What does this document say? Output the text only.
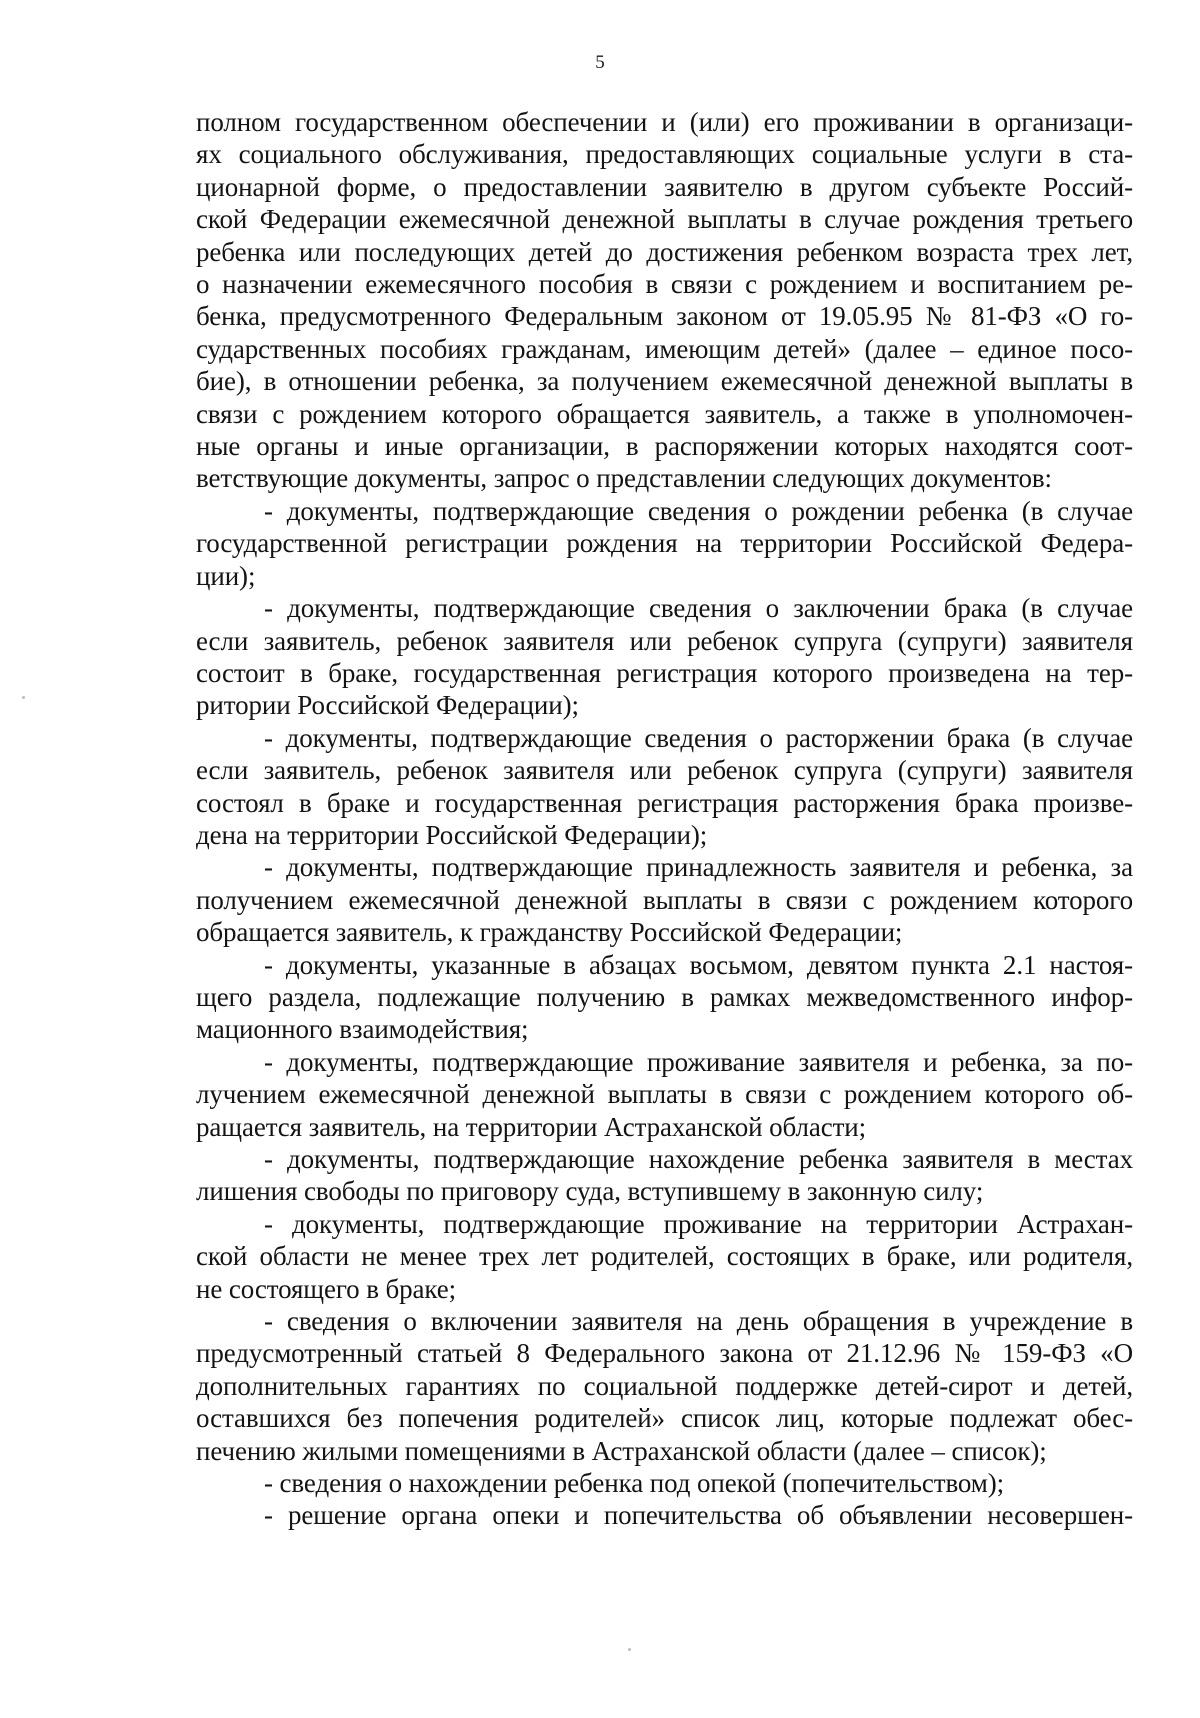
5

полном государственном обеспечении и (или) его проживании в организаци-
ях социального обслуживания, предоставляющих социальные услуги в ста-
ционарной форме, о предоставлении заявителю в другом субъекте Россий-
ской Федерации ежемесячной денежной выплаты в случае рождения третьего
ребенка или последующих детей до достижения ребенком возраста трех лет,
о назначении ежемесячного пособия в связи с рождением и воспитанием ре-
бенка, предусмотренного Федеральным законом от 19.05.95 № 81-ФЗ «О го-
сударственных пособиях гражданам, имеющим детей» (далее – единое посо-
бие), в отношении ребенка, за получением ежемесячной денежной выплаты в
связи с рождением которого обращается заявитель, а также в уполномочен-
ные органы и иные организации, в распоряжении которых находятся соот-
ветствующие документы, запрос о представлении следующих документов:

- документы, подтверждающие сведения о рождении ребенка (в случае
государственной регистрации рождения на территории Российской Федера-
ции);

- документы, подтверждающие сведения о заключении брака (в случае
если заявитель, ребенок заявителя или ребенок супруга (супруги) заявителя
состоит в браке, государственная регистрация которого произведена на тер-
ритории Российской Федерации);

- документы, подтверждающие сведения о расторжении брака (в случае
если заявитель, ребенок заявителя или ребенок супруга (супруги) заявителя
состоял в браке и государственная регистрация расторжения брака произве-
дена на территории Российской Федерации);

- документы, подтверждающие принадлежность заявителя и ребенка, за
получением ежемесячной денежной выплаты в связи с рождением которого
обращается заявитель, к гражданству Российской Федерации;

- документы, указанные в абзацах восьмом, девятом пункта 2.1 настоя-
щего раздела, подлежащие получению в рамках межведомственного инфор-
мационного взаимодействия;

- документы, подтверждающие проживание заявителя и ребенка, за по-
лучением ежемесячной денежной выплаты в связи с рождением которого об-
ращается заявитель, на территории Астраханской области;

- документы, подтверждающие нахождение ребенка заявителя в местах
лишения свободы по приговору суда, вступившему в законную силу;

- документы, подтверждающие проживание на территории Астрахан-
ской области не менее трех лет родителей, состоящих в браке, или родителя,
не состоящего в браке;

- сведения о включении заявителя на день обращения в учреждение в
предусмотренный статьей 8 Федерального закона от 21.12.96 № 159-ФЗ «О
дополнительных гарантиях по социальной поддержке детей-сирот и детей,
оставшихся без попечения родителей» список лиц, которые подлежат обес-
печению жилыми помещениями в Астраханской области (далее – список);

- сведения о нахождении ребенка под опекой (попечительством);

- решение органа опеки и попечительства об объявлении несовершен-
